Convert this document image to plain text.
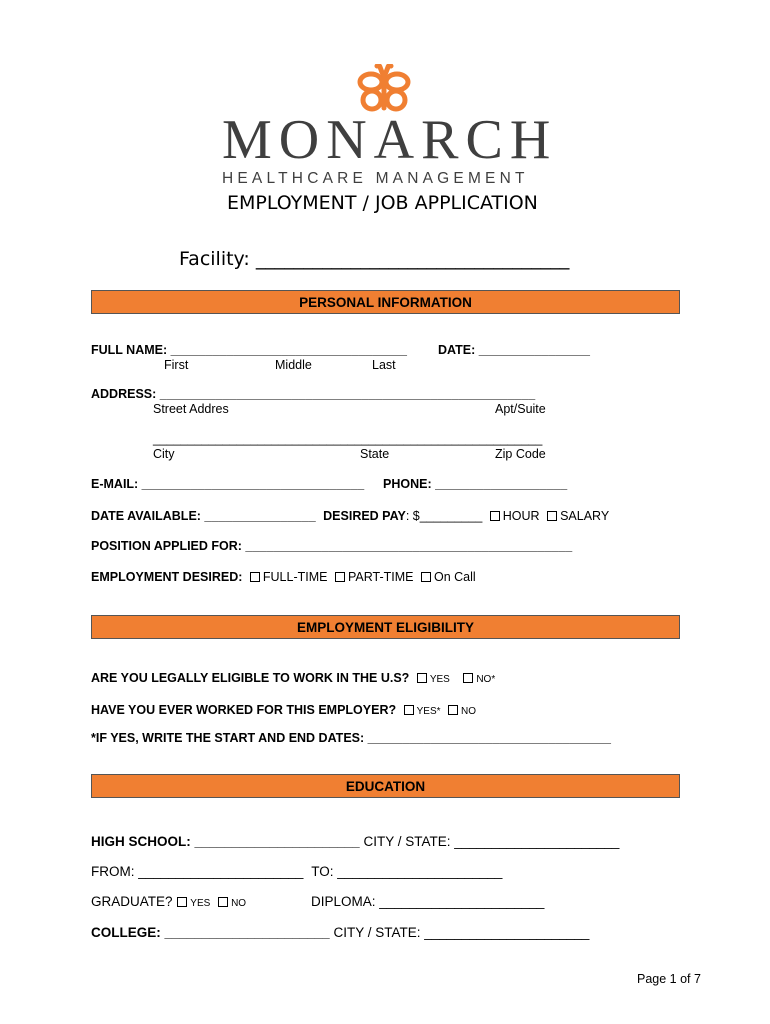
MONARCH
HEALTHCARE MANAGEMENT
EMPLOYMENT / JOB APPLICATION
Facility: _________________________________
PERSONAL INFORMATION
FULL NAME: __________________________________ DATE: ________________
First	Middle	Last
ADDRESS: ______________________________________________________
Street Addres	Apt/Suite
________________________________________________________
City	State	Zip Code
E-MAIL: ________________________________ PHONE: ___________________
DATE AVAILABLE: ________________ DESIRED PAY: $_________ HOUR SALARY
POSITION APPLIED FOR: _______________________________________________
EMPLOYMENT DESIRED: FULL-TIME PART-TIME On Call
EMPLOYMENT ELIGIBILITY
ARE YOU LEGALLY ELIGIBLE TO WORK IN THE U.S? YES	NO*
HAVE YOU EVER WORKED FOR THIS EMPLOYER? YES* NO
*IF YES, WRITE THE START AND END DATES: ___________________________________
EDUCATION
HIGH SCHOOL: ______________________ CITY / STATE: ______________________
FROM: ______________________ TO: ______________________
GRADUATE? YES NO	DIPLOMA: ______________________
COLLEGE: ______________________ CITY / STATE: ______________________
Page 1 of 7
